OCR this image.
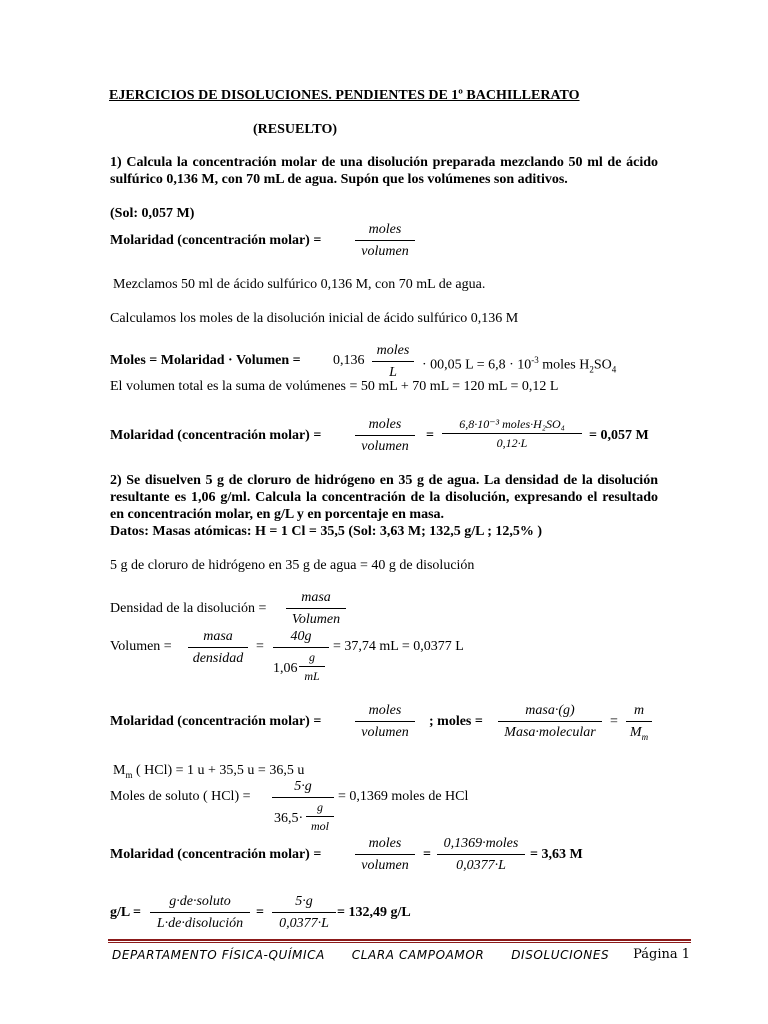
EJERCICIOS DE DISOLUCIONES. PENDIENTES DE 1º BACHILLERATO
(RESUELTO)
1) Calcula la concentración molar de una disolución preparada mezclando 50 ml de ácido sulfúrico 0,136 M, con 70 mL de agua. Supón que los volúmenes son aditivos.
(Sol: 0,057 M)
Molaridad (concentración molar) =
moles
volumen
Mezclamos 50 ml de ácido sulfúrico 0,136 M, con 70 mL de agua.
Calculamos los moles de la disolución inicial de ácido sulfúrico 0,136 M
Moles = Molaridad · Volumen = 0,136
moles
L	· 00,05 $L = 6,8 \cdot 10^{-3}$ moles $H_2SO_4$
El volumen total es la suma de volúmenes = 50 mL + 70 mL = 120 mL = 0,12 L
Molaridad (concentración molar) =
moles
volumen
=
6,8·10⁻³ moles·H₂SO₄
0,12·L	= 0,057 M
2) Se disuelven 5 g de cloruro de hidrógeno en 35 g de agua. La densidad de la disolución resultante es 1,06 g/ml. Calcula la concentración de la disolución, expresando el resultado en concentración molar, en g/L y en porcentaje en masa.
Datos: Masas atómicas: H = 1 Cl = 35,5 (Sol: 3,63 M; 132,5 g/L ; 12,5% )
5 g de cloruro de hidrógeno en 35 g de agua = 40 g de disolución
Densidad de la disolución =
masa
Volumen
Volumen =
masa
densidad
=
40g
1,06
g
mL
= 37,74 mL = 0,0377 L
Molaridad (concentración molar) =
moles
volumen
; moles =
masa·(g)
Masa·molecular
=
m
$M_m$
$M_m$ ( HCl) = 1 u + 35,5 u = 36,5 u
Moles de soluto ( HCl) =
5·g
36,5·
g
mol
= 0,1369 moles de HCl
Molaridad (concentración molar) =
moles
volumen
=
0,1369·moles
0,0377·L
= 3,63 M
g/L =
g·de·soluto
L·de·disolución
=
5·g
0,0377·L
= 132,49 g/L
DEPARTAMENTO FÍSICA-QUÍMICA CLARA CAMPOAMOR DISOLUCIONES Página 1
